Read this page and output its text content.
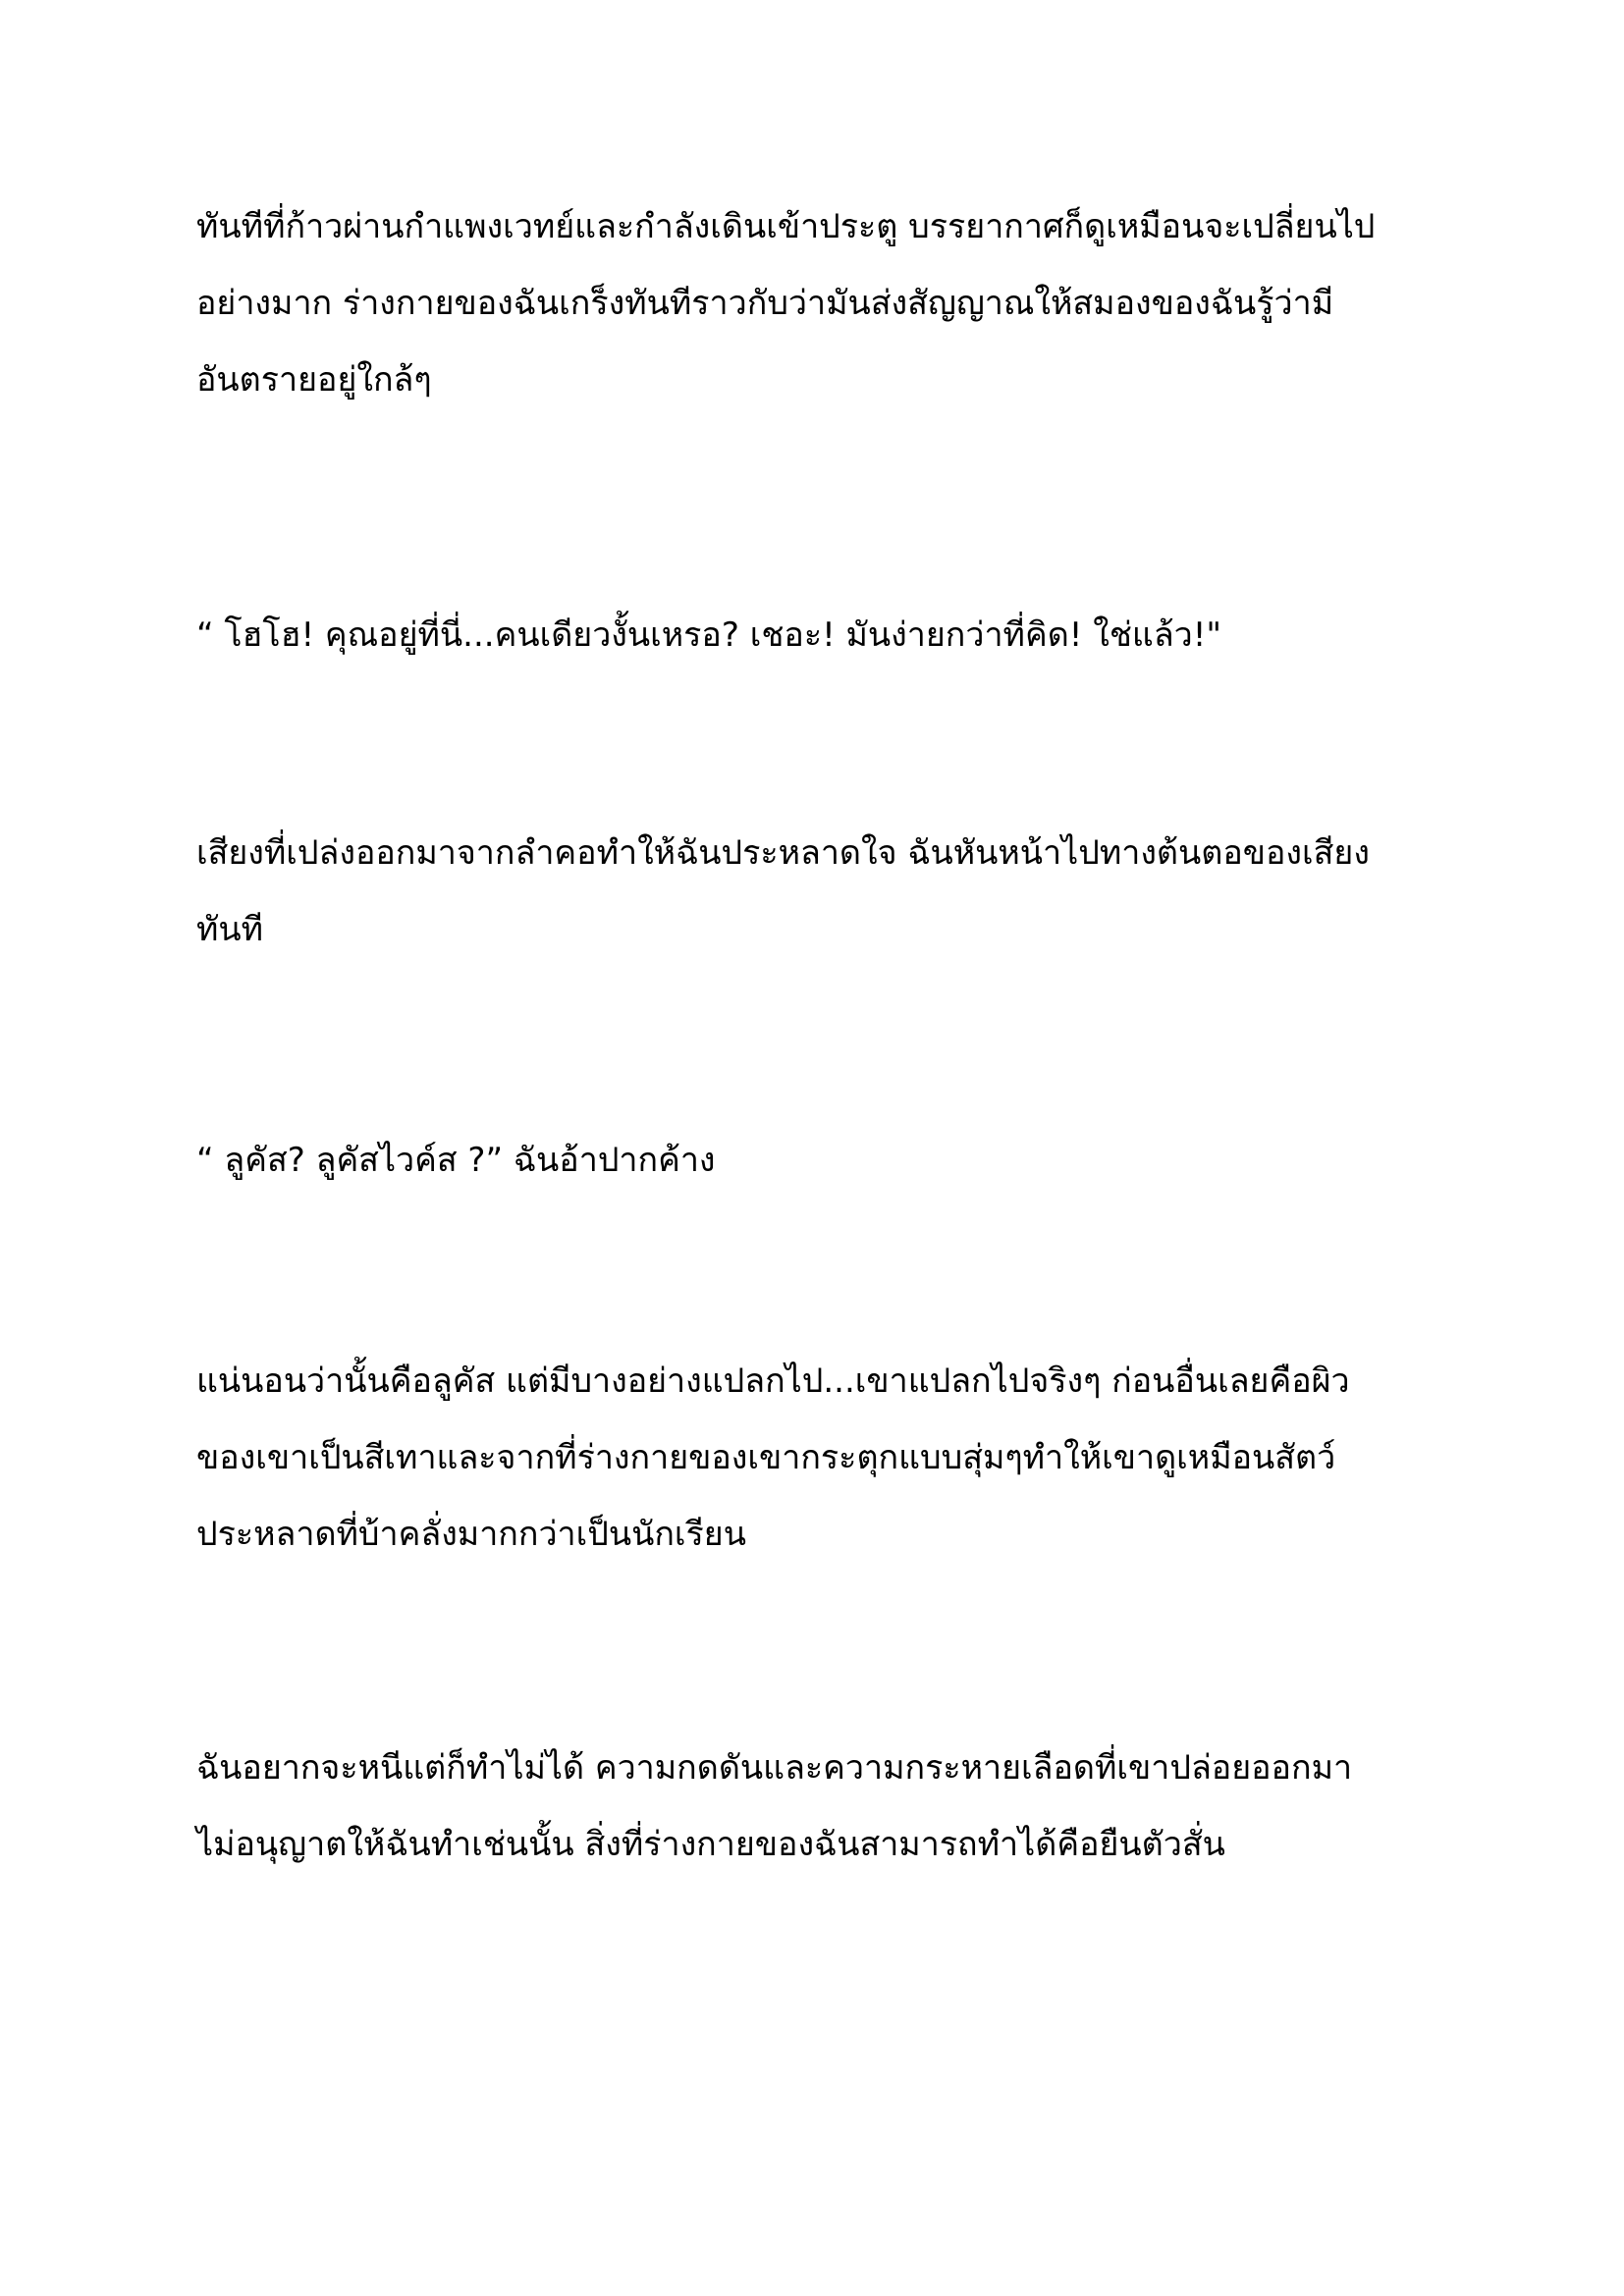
ทันทีที่ก้าวผ่านกำแพงเวทย์และกำลังเดินเข้าประตู บรรยากาศก็ดูเหมือนจะเปลี่ยนไป
อย่างมาก ร่างกายของฉันเกร็งทันทีราวกับว่ามันส่งสัญญาณให้สมองของฉันรู้ว่ามี
อันตรายอยู่ใกล้ๆ

“ โฮโฮ! คุณอยู่ที่นี่...คนเดียวงั้นเหรอ? เชอะ! มันง่ายกว่าที่คิด! ใช่แล้ว!"

เสียงที่เปล่งออกมาจากลำคอทำให้ฉันประหลาดใจ ฉันหันหน้าไปทางต้นตอของเสียง
ทันที

“ ลูคัส? ลูคัสไวค์ส ?” ฉันอ้าปากค้าง

แน่นอนว่านั้นคือลูคัส แต่มีบางอย่างแปลกไป...เขาแปลกไปจริงๆ ก่อนอื่นเลยคือผิว
ของเขาเป็นสีเทาและจากที่ร่างกายของเขากระตุกแบบสุ่มๆทำให้เขาดูเหมือนสัตว์
ประหลาดที่บ้าคลั่งมากกว่าเป็นนักเรียน

ฉันอยากจะหนีแต่ก็ทำไม่ได้ ความกดดันและความกระหายเลือดที่เขาปล่อยออกมา
ไม่อนุญาตให้ฉันทำเช่นนั้น สิ่งที่ร่างกายของฉันสามารถทำได้คือยืนตัวสั่น
